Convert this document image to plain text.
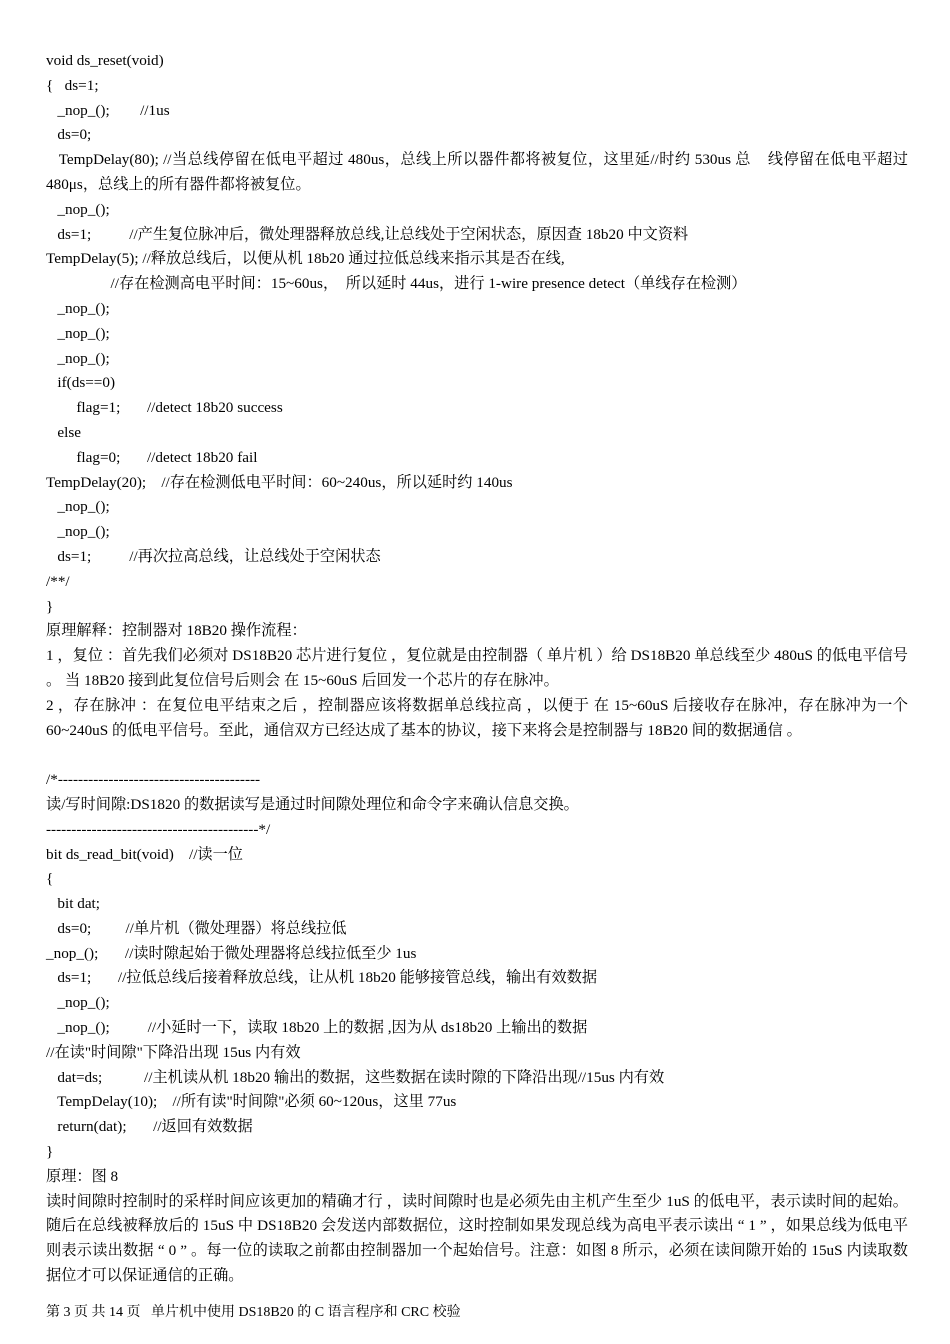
void ds_reset(void)
{   ds=1;
_nop_();        //1us
ds=0;
TempDelay(80); //当总线停留在低电平超过 480us，总线上所以器件都将被复位，这里延//时约 530us 总    线停留在低电平超过 480μs，总线上的所有器件都将被复位。
_nop_();
ds=1;          //产生复位脉冲后，微处理器释放总线,让总线处于空闲状态，原因查 18b20 中文资料
TempDelay(5); //释放总线后，以便从机 18b20 通过拉低总线来指示其是否在线,
//存在检测高电平时间：15~60us，  所以延时 44us，进行 1-wire presence detect（单线存在检测）
_nop_();
_nop_();
_nop_();
if(ds==0)
flag=1;       //detect 18b20 success
else
flag=0;       //detect 18b20 fail
TempDelay(20);    //存在检测低电平时间：60~240us，所以延时约 140us
_nop_();
_nop_();
ds=1;          //再次拉高总线，让总线处于空闲状态
/**/
}
原理解释：控制器对 18B20 操作流程：
1 ，复位 ：首先我们必须对 DS18B20 芯片进行复位 ，复位就是由控制器（ 单片机 ）给 DS18B20 单总线至少 480uS 的低电平信号 。 当 18B20 接到此复位信号后则会 在 15~60uS 后回发一个芯片的存在脉冲。
2 ，存在脉冲 ：在复位电平结束之后 ，控制器应该将数据单总线拉高 ，以便于 在 15~60uS 后接收存在脉冲，存在脉冲为一个 60~240uS 的低电平信号。至此，通信双方已经达成了基本的协议，接下来将会是控制器与 18B20 间的数据通信 。
/*----------------------------------------
读/写时间隙:DS1820 的数据读写是通过时间隙处理位和命令字来确认信息交换。
------------------------------------------*/
bit ds_read_bit(void)    //读一位
{
bit dat;
ds=0;         //单片机（微处理器）将总线拉低
_nop_();       //读时隙起始于微处理器将总线拉低至少 1us
ds=1;       //拉低总线后接着释放总线，让从机 18b20 能够接管总线，输出有效数据
_nop_();
_nop_();          //小延时一下，读取 18b20 上的数据 ,因为从 ds18b20 上输出的数据
//在读"时间隙"下降沿出现 15us 内有效
dat=ds;           //主机读从机 18b20 输出的数据，这些数据在读时隙的下降沿出现//15us 内有效
TempDelay(10);    //所有读"时间隙"必须 60~120us，这里 77us
return(dat);       //返回有效数据
}
原理：图 8
读时间隙时控制时的采样时间应该更加的精确才行 ，读时间隙时也是必须先由主机产生至少 1uS 的低电平，表示读时间的起始。随后在总线被释放后的 15uS 中 DS18B20 会发送内部数据位，这时控制如果发现总线为高电平表示读出 “ 1 ” ，如果总线为低电平则表示读出数据 “ 0 ” 。每一位的读取之前都由控制器加一个起始信号。注意：如图 8 所示，必须在读间隙开始的 15uS 内读取数据位才可以保证通信的正确。
第 3 页 共 14 页   单片机中使用 DS18B20 的 C 语言程序和 CRC 校验
